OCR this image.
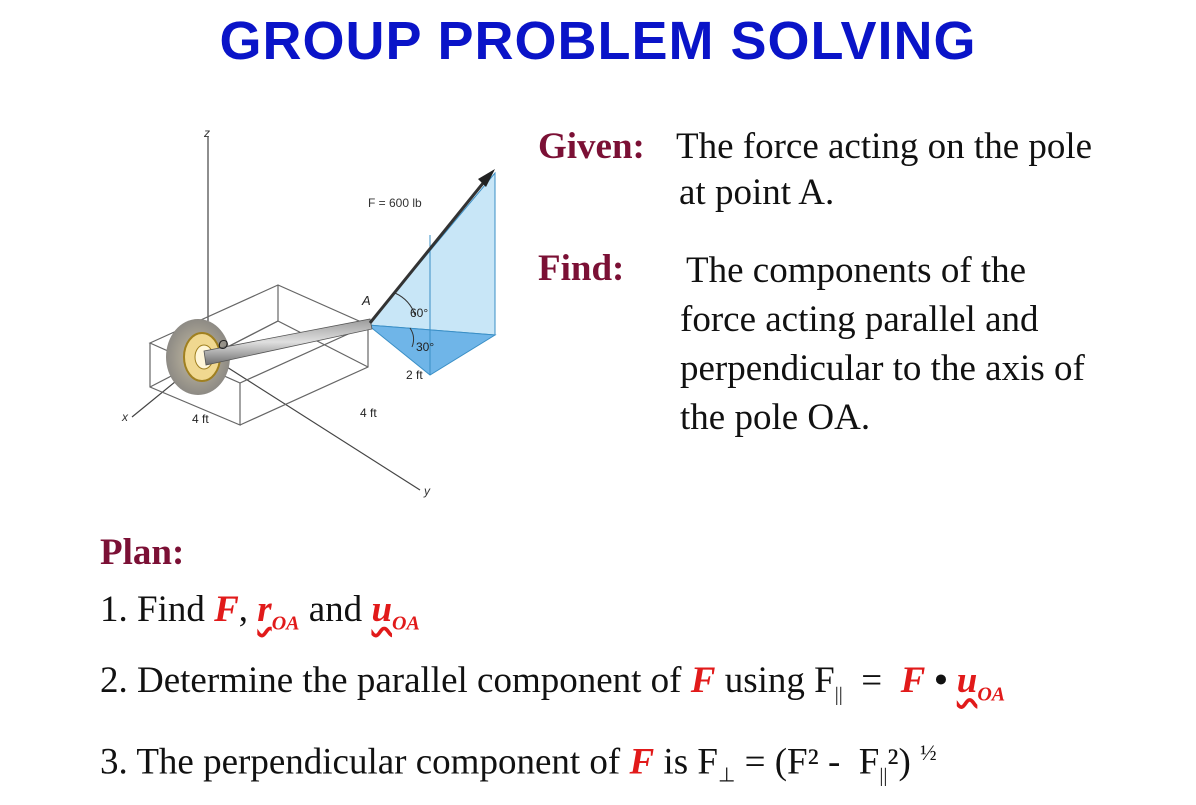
GROUP PROBLEM SOLVING
z
x
y
F = 600 lb
A
O
60°
30°
2 ft
4 ft	4 ft
Given: The force acting on the pole
at point A.
Find: The components of the
force acting parallel and
perpendicular to the axis of
the pole OA.
Plan:
1. Find F, $r_{OA}$ and $u_{OA}$
2. Determine the parallel component of F using $F_{||} = F$ • $u_{OA}$
3. The perpendicular component of F is $F_\perp = (F^2 - F_{||}^2)$ $^{\frac{1}{2}}$
